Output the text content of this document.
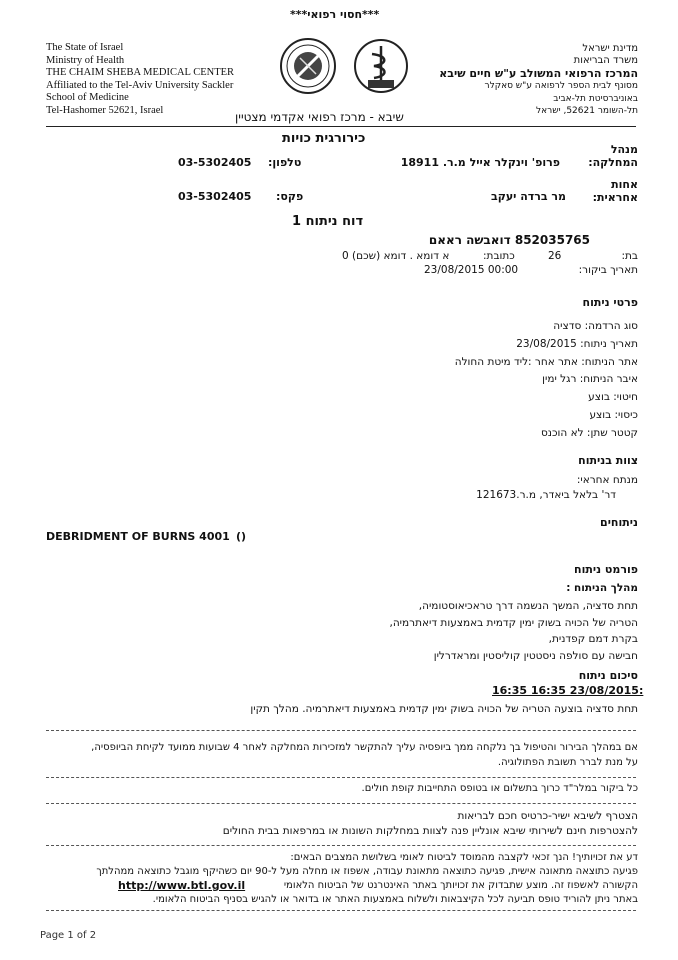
***חסוי רפואי***
The State of Israel
Ministry of Health
THE CHAIM SHEBA MEDICAL CENTER
Affiliated to the Tel-Aviv University Sackler
School of Medicine
Tel-Hashomer 52621, Israel
מדינת ישראל
משרד הבריאות
המרכז הרפואי המשולב ע"ש חיים שיבא
מסונף לבית הספר לרפואה ע"ש סאקלר
באוניברסיטת תל-אביב
תל-השומר 52621, ישראל
שיבא - מרכז רפואי אקדמי מצטיין
כירורגית כויות
מנהל
המחלקה:
פרופ' וינקלר אייל מ.ר. 18911
טלפון:
03-5302405
אחות
אחראית:
מר ברדה יעקב
פקס:
03-5302405
דוח ניתוח 1
852035765 דואבשה ראאם
בת:
26
כתובת:
א דומא . דומא (שכם) 0
תאריך ביקור:
23/08/2015 00:00
פרטי ניתוח
סוג הרדמה: סדציה
תאריך ניתוח: 23/08/2015
אתר הניתוח: אתר אחר :ליד מיטת החולה
איבר הניתוח: רגל ימין
חיטוי: בוצע
כיסוי: בוצע
קטטר שתן: לא הוכנס
צוות בניתוח
מנתח אחראי:
דר' בלאל ביאדר, מ.ר.121673
ניתוחים
DEBRIDMENT OF BURNS 4001 ()
פורמט ניתוח
מהלך הניתוח :
תחת סדציה, המשך הנשמה דרך טראכיאוסטומיה,
הטריה של הכויה בשוק ימין קדמית באמצעות דיאתרמיה,
בקרת דמם קפדנית,
חבישה עם סולפה ניסטטין קוליסטין ומראדרלין
סיכום ניתוח
16:35 16:35 23/08/2015:
תחת סדציה בוצעה הטריה של הכויה בשוק ימין קדמית באמצעות דיאתרמיה. מהלך תקין
אם במהלך הבירור והטיפול בך נלקחה ממך ביופסיה עליך להתקשר למזכירות המחלקה לאחר 4 שבועות ממועד לקיחת הביופסיה,
על מנת לברר תשובת הפתולוגיה.
כל ביקור במלר"ד כרוך בתשלום או בטופס התחייבות קופת חולים.
הצטרף לשיבא ישיר-כרטיס חכם לבריאות
להצטרפות חינם לשירותי שיבא אונליין פנה לצוות במחלקות השונות או במרפאות בבית החולים
דע את זכויותיך! הנך זכאי לקצבה מהמוסד לביטוח לאומי בשלושת המצבים הבאים:
פגיעה כתוצאה מתאונה אישית, פגיעה כתוצאה מתאונת עבודה, אשפוז או מחלה מעל ל-90 יום כשהיקף מוגבל כתוצאה ממהלתך
הקשורה לאשפוז זה. מוצע שתבדוק את זכויותך באתר האינטרנט של הביטוח הלאומי
http://www.btl.gov.il
באתר ניתן להוריד טופס תביעה לכל הקיצבאות ולשלוח באמצעות האתר או בדואר או להגיש בסניף הביטוח הלאומי.
Page 1 of 2
